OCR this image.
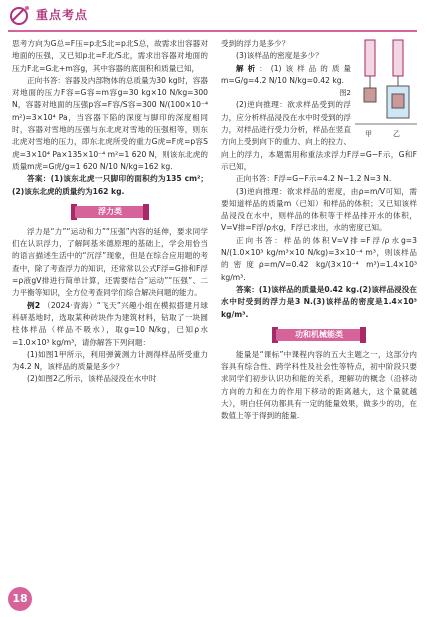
重点考点

思考方向为G总=F压=p北S北=p北S总，故需求出容器对地面的压强，又已知p北=F北/S北，需求出容器对地面的压力F北=G北+m容g，其中容器的底面积和质量已知，

正向书答：容器及内部物体的总质量为30 kg时，容器对地面的压力F容=G容=m容g=30 kg×10 N/kg=300 N，容器对地面的压强p容=F容/S容=300 N/(100×10⁻⁴ m²)=3×10⁴ Pa，当容器下陷的深度与脚印的深度相同时，容器对雪地的压强与东北虎对雪地的压强相等，则东北虎对雪地的压力，即东北虎所受的重力G虎=F虎=p容S虎=3×10⁴ Pa×135×10⁻⁴ m²=1 620 N，则该东北虎的质量m虎=G虎/g=1 620 N/10 N/kg=162 kg.

答案：(1)该东北虎一只脚印的面积约为135 cm²；(2)该东北虎的质量约为162 kg.

浮力类

浮力是“力”“运动和力”“压强”内容的延伸，要求同学们在认识浮力，了解阿基米德原理的基础上，学会用恰当的语言描述生活中的“沉浮”现象，但是在综合应用题的考查中，除了考查浮力的知识，还常常以公式F浮=G排和F浮=ρ液gV排进行简单计算，还需要结合“运动”“压强”、二力平衡等知识，全方位考查同学们综合解决问题的能力。

例2 （2024·青海）“飞天”兴趣小组在模拟搭建月球科研基地时，选取某种砖块作为建筑材料，钻取了一块圆柱体样品（样品不吸水），取g=10 N/kg，已知ρ水=1.0×10³ kg/m³，请你解答下列问题：

(1)如图1甲所示，利用弹簧测力计测得样品所受重力为4.2 N，该样品的质量是多少？

(2)如图2乙所示，该样品浸没在水中时

甲	乙

受到的浮力是多少？

(3)该样品的密度是多少？

解析：(1)该样品的质量m=G/g=4.2 N/10 N/kg=0.42 kg.

图2

(2)逆向推理：欲求样品受到的浮力，应分析样品浸没在水中时受到的浮力，对样品进行受力分析，样品在竖直方向上受到向下的重力、向上的拉力、向上的浮力，本题需用称重法求浮力F浮=G−F示，G和F示已知，

正向书答：F浮=G−F示=4.2 N−1.2 N=3 N.

(3)逆向推理：欲求样品的密度，由ρ=m/V可知，需要知道样品的质量m（已知）和样品的体积；又已知该样品浸没在水中，则样品的体积等于样品排开水的体积，V=V排=F浮/ρ水g，F浮已求出，水的密度已知。

正向书答：样品的体积V=V排=F浮/ρ水g=3 N/(1.0×10³ kg/m³×10 N/kg)=3×10⁻⁴ m³，则该样品的密度ρ=m/V=0.42 kg/(3×10⁻⁴ m³)=1.4×10³ kg/m³.

答案：(1)该样品的质量是0.42 kg.(2)该样品浸没在水中时受到的浮力是3 N.(3)该样品的密度是1.4×10³ kg/m³.

功和机械能类

能量是“课标”中课程内容的五大主题之一，这部分内容具有综合性、跨学科性及社会性等特点，初中阶段只要求同学们初步认识功和能的关系，理解功的概念（沿移动方向的力和在力的作用下移动的距离越大，这个量就越大），明白任何功都具有一定的能量效果，做多少的功，在数值上等于得到的能量.

18
